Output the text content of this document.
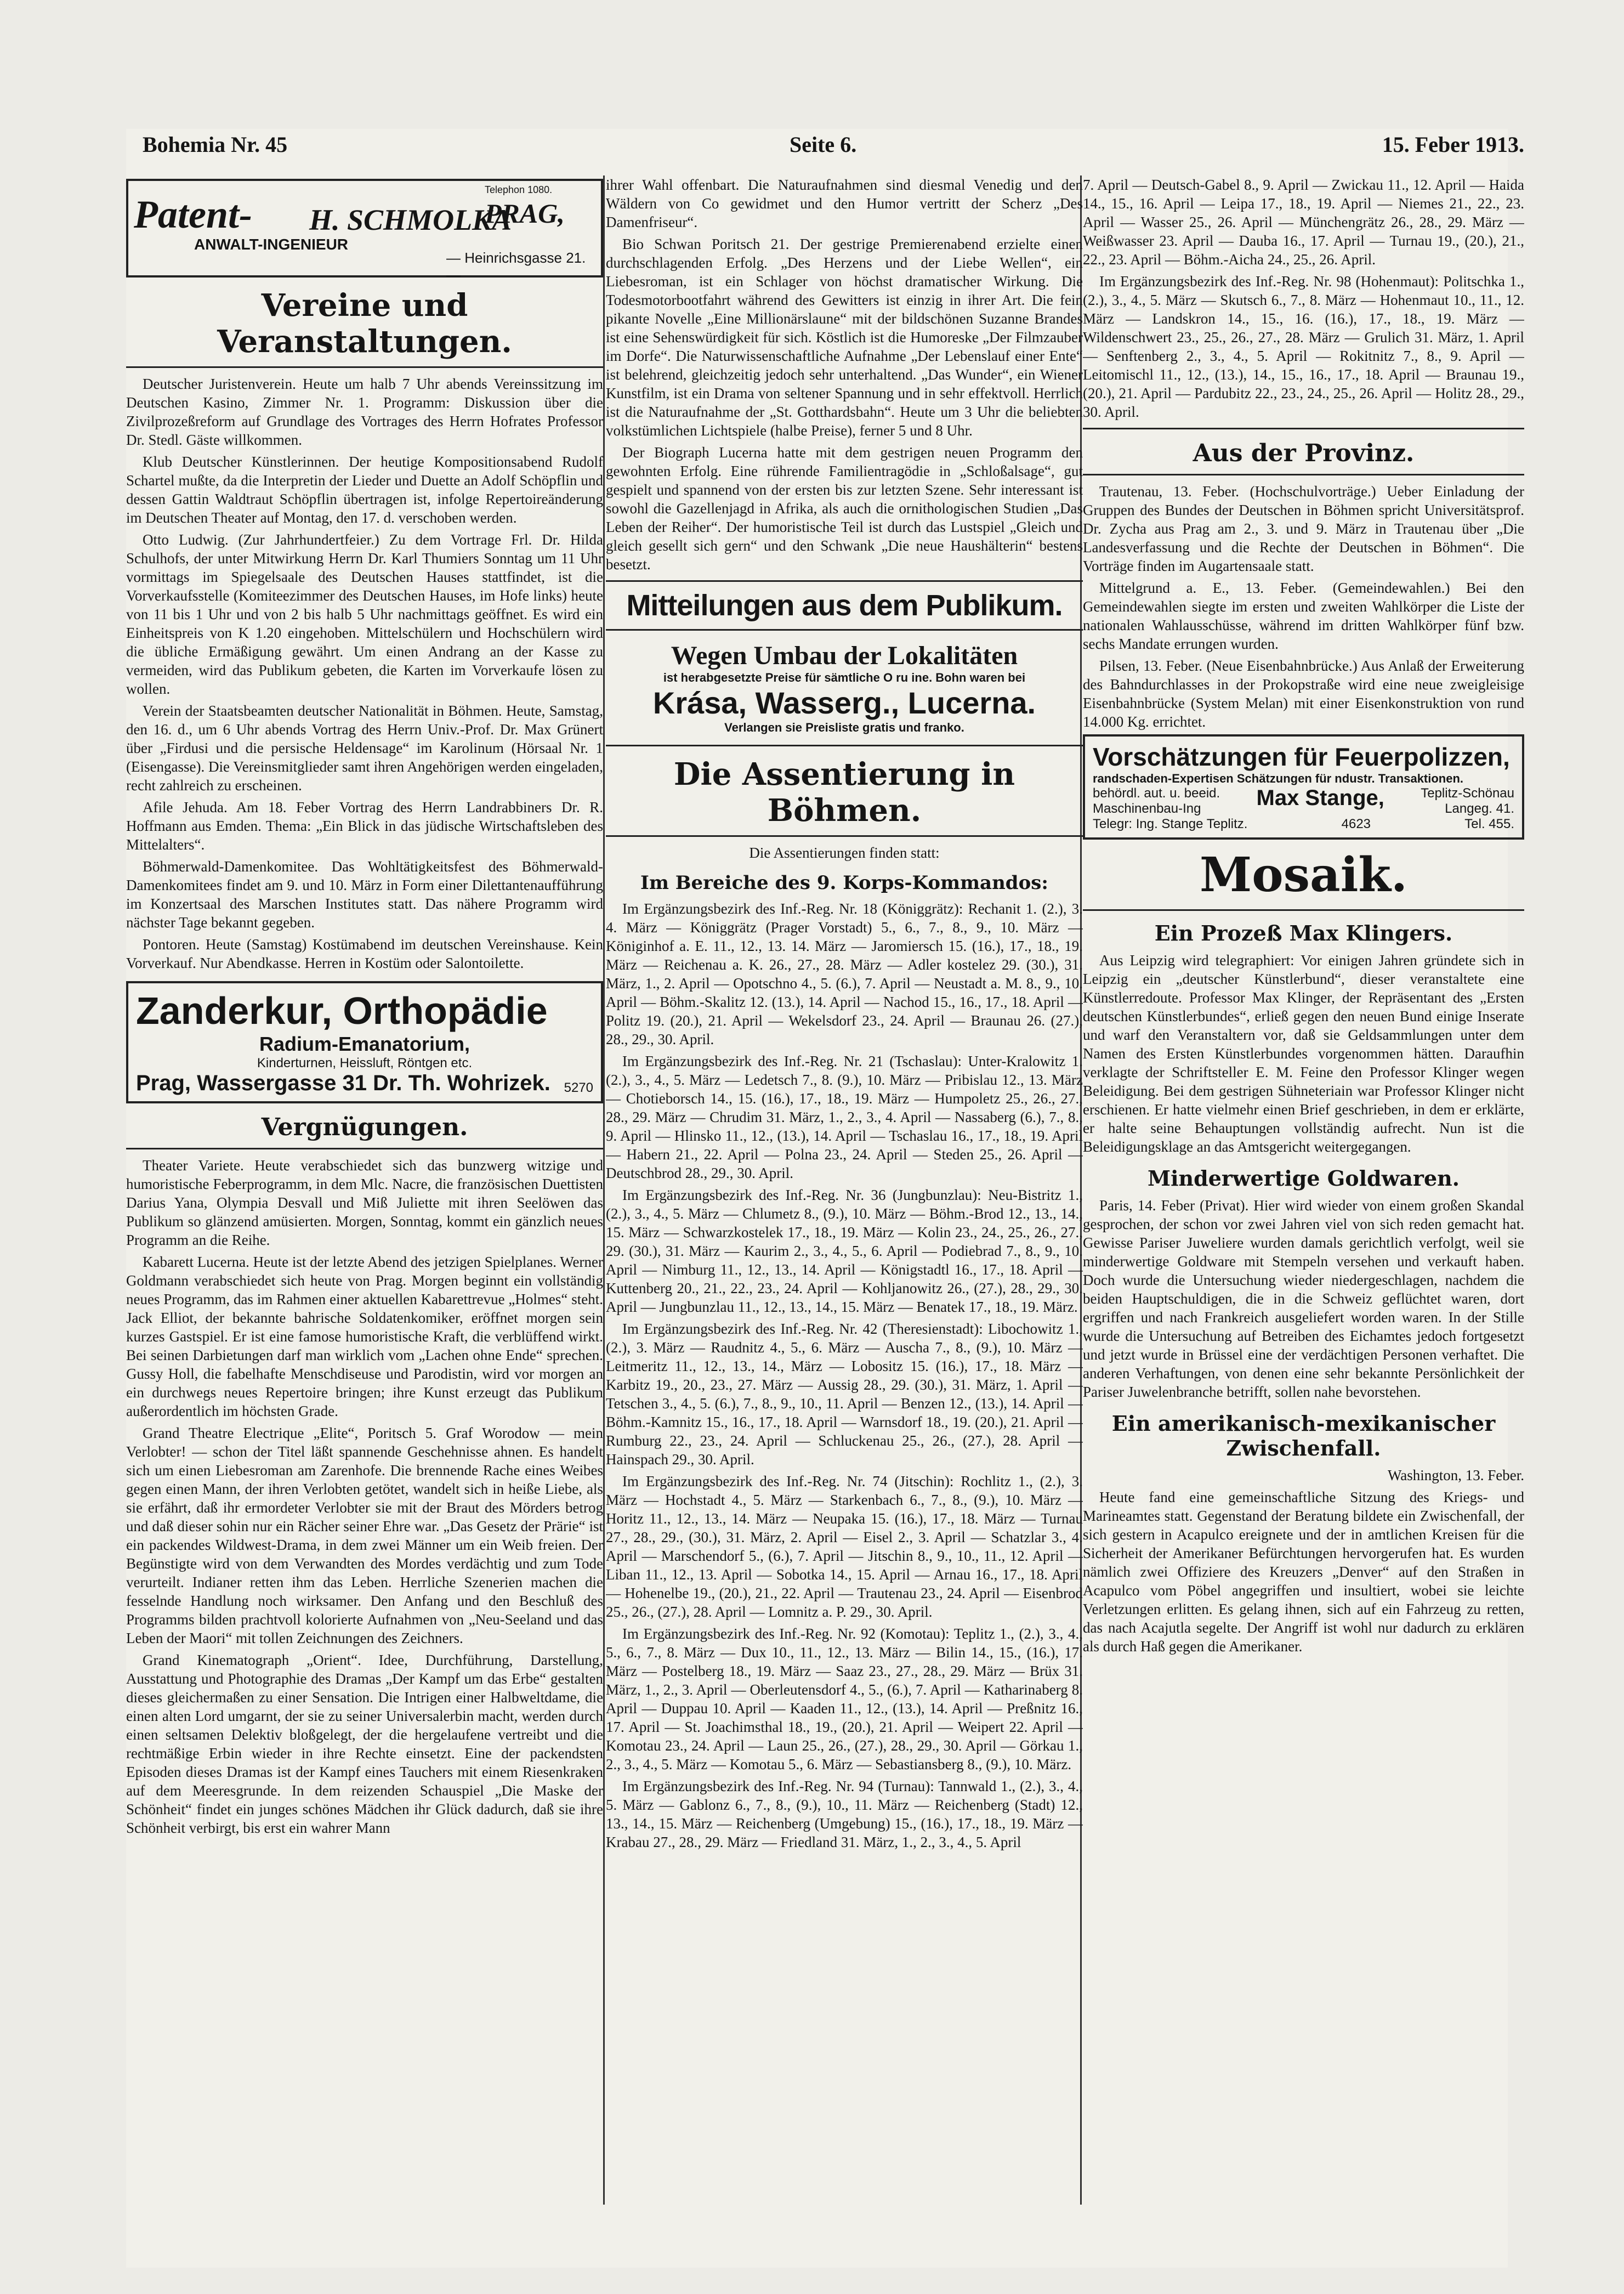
Bohemia Nr. 45	Seite 6.	15. Feber 1913.
Patent-
ANWALT-INGENIEUR
H. SCHMOLKA
PRAG,
Telephon 1080.
— Heinrichsgasse 21. —
Vereine und Veranstaltungen.

Deutscher Juristenverein. Heute um halb 7 Uhr abends Vereinssitzung im Deutschen Kasino, Zimmer Nr. 1. Programm: Diskussion über die Zivilprozeßreform auf Grundlage des Vortrages des Herrn Hofrates Professor Dr. Stedl. Gäste willkommen.

Klub Deutscher Künstlerinnen. Der heutige Kompositionsabend Rudolf Schartel mußte, da die Interpretin der Lieder und Duette an Adolf Schöpflin und dessen Gattin Waldtraut Schöpflin übertragen ist, infolge Repertoireänderung im Deutschen Theater auf Montag, den 17. d. verschoben werden.

Otto Ludwig. (Zur Jahrhundertfeier.) Zu dem Vortrage Frl. Dr. Hilda Schulhofs, der unter Mitwirkung Herrn Dr. Karl Thumiers Sonntag um 11 Uhr vormittags im Spiegelsaale des Deutschen Hauses stattfindet, ist die Vorverkaufsstelle (Komiteezimmer des Deutschen Hauses, im Hofe links) heute von 11 bis 1 Uhr und von 2 bis halb 5 Uhr nachmittags geöffnet. Es wird ein Einheitspreis von K 1.20 eingehoben. Mittelschülern und Hochschülern wird die übliche Ermäßigung gewährt. Um einen Andrang an der Kasse zu vermeiden, wird das Publikum gebeten, die Karten im Vorverkaufe lösen zu wollen.

Verein der Staatsbeamten deutscher Nationalität in Böhmen. Heute, Samstag, den 16. d., um 6 Uhr abends Vortrag des Herrn Univ.-Prof. Dr. Max Grünert über „Firdusi und die persische Heldensage“ im Karolinum (Hörsaal Nr. 1 (Eisengasse). Die Vereinsmitglieder samt ihren Angehörigen werden eingeladen, recht zahlreich zu erscheinen.

Afile Jehuda. Am 18. Feber Vortrag des Herrn Landrabbiners Dr. R. Hoffmann aus Emden. Thema: „Ein Blick in das jüdische Wirtschaftsleben des Mittelalters“.

Böhmerwald-Damenkomitee. Das Wohltätigkeitsfest des Böhmerwald-Damenkomitees findet am 9. und 10. März in Form einer Dilettantenaufführung im Konzertsaal des Marschen Institutes statt. Das nähere Programm wird nächster Tage bekannt gegeben.

Pontoren. Heute (Samstag) Kostümabend im deutschen Vereinshause. Kein Vorverkauf. Nur Abendkasse. Herren in Kostüm oder Salontoilette.

Zanderkur, Orthopädie
Radium-Emanatorium,
Kinderturnen, Heissluft, Röntgen etc.
Prag, Wassergasse 31 Dr. Th. Wohrizek. 5270
Vergnügungen.

Theater Variete. Heute verabschiedet sich das bunzwerg witzige und humoristische Feberprogramm, in dem Mlc. Nacre, die französischen Duettisten Darius Yana, Olympia Desvall und Miß Juliette mit ihren Seelöwen das Publikum so glänzend amüsierten. Morgen, Sonntag, kommt ein gänzlich neues Programm an die Reihe.

Kabarett Lucerna. Heute ist der letzte Abend des jetzigen Spielplanes. Werner Goldmann verabschiedet sich heute von Prag. Morgen beginnt ein vollständig neues Programm, das im Rahmen einer aktuellen Kabarettrevue „Holmes“ steht. Jack Elliot, der bekannte bahrische Soldatenkomiker, eröffnet morgen sein kurzes Gastspiel. Er ist eine famose humoristische Kraft, die verblüffend wirkt. Bei seinen Darbietungen darf man wirklich vom „Lachen ohne Ende“ sprechen. Gussy Holl, die fabelhafte Menschdiseuse und Parodistin, wird vor morgen an ein durchwegs neues Repertoire bringen; ihre Kunst erzeugt das Publikum außerordentlich im höchsten Grade.

Grand Theatre Electrique „Elite“, Poritsch 5. Graf Worodow — mein Verlobter! — schon der Titel läßt spannende Geschehnisse ahnen. Es handelt sich um einen Liebesroman am Zarenhofe. Die brennende Rache eines Weibes gegen einen Mann, der ihren Verlobten getötet, wandelt sich in heiße Liebe, als sie erfährt, daß ihr ermordeter Verlobter sie mit der Braut des Mörders betrog und daß dieser sohin nur ein Rächer seiner Ehre war. „Das Gesetz der Prärie“ ist ein packendes Wildwest-Drama, in dem zwei Männer um ein Weib freien. Der Begünstigte wird von dem Verwandten des Mordes verdächtig und zum Tode verurteilt. Indianer retten ihm das Leben. Herrliche Szenerien machen die fesselnde Handlung noch wirksamer. Den Anfang und den Beschluß des Programms bilden prachtvoll kolorierte Aufnahmen von „Neu-Seeland und das Leben der Maori“ mit tollen Zeichnungen des Zeichners.

Grand Kinematograph „Orient“. Idee, Durchführung, Darstellung, Ausstattung und Photographie des Dramas „Der Kampf um das Erbe“ gestalten dieses gleichermaßen zu einer Sensation. Die Intrigen einer Halbweltdame, die einen alten Lord umgarnt, der sie zu seiner Universalerbin macht, werden durch einen seltsamen Delektiv bloßgelegt, der die hergelaufene vertreibt und die rechtmäßige Erbin wieder in ihre Rechte einsetzt. Eine der packendsten Episoden dieses Dramas ist der Kampf eines Tauchers mit einem Riesenkraken auf dem Meeresgrunde. In dem reizenden Schauspiel „Die Maske der Schönheit“ findet ein junges schönes Mädchen ihr Glück dadurch, daß sie ihre Schönheit verbirgt, bis erst ein wahrer Mann

ihrer Wahl offenbart. Die Naturaufnahmen sind diesmal Venedig und den Wäldern von Co gewidmet und den Humor vertritt der Scherz „Des Damenfriseur“.

Bio Schwan Poritsch 21. Der gestrige Premierenabend erzielte einen durchschlagenden Erfolg. „Des Herzens und der Liebe Wellen“, ein Liebesroman, ist ein Schlager von höchst dramatischer Wirkung. Die Todesmotorbootfahrt während des Gewitters ist einzig in ihrer Art. Die fein pikante Novelle „Eine Millionärslaune“ mit der bildschönen Suzanne Brandes ist eine Sehenswürdigkeit für sich. Köstlich ist die Humoreske „Der Filmzauber im Dorfe“. Die Naturwissenschaftliche Aufnahme „Der Lebenslauf einer Ente“ ist belehrend, gleichzeitig jedoch sehr unterhaltend. „Das Wunder“, ein Wiener Kunstfilm, ist ein Drama von seltener Spannung und in sehr effektvoll. Herrlich ist die Naturaufnahme der „St. Gotthardsbahn“. Heute um 3 Uhr die beliebten volkstümlichen Lichtspiele (halbe Preise), ferner 5 und 8 Uhr.

Der Biograph Lucerna hatte mit dem gestrigen neuen Programm den gewohnten Erfolg. Eine rührende Familientragödie in „Schloßalsage“, gut gespielt und spannend von der ersten bis zur letzten Szene. Sehr interessant ist sowohl die Gazellenjagd in Afrika, als auch die ornithologischen Studien „Das Leben der Reiher“. Der humoristische Teil ist durch das Lustspiel „Gleich und gleich gesellt sich gern“ und den Schwank „Die neue Haushälterin“ bestens besetzt.

Mitteilungen aus dem Publikum.
Wegen Umbau der Lokalitäten
ist herabgesetzte Preise für sämtliche O ru ine. Bohn waren bei
Krása, Wasserg., Lucerna.
Verlangen sie Preisliste gratis und franko.
Die Assentierung in Böhmen.

Die Assentierungen finden statt:

Im Bereiche des 9. Korps-Kommandos:

Im Ergänzungsbezirk des Inf.-Reg. Nr. 18 (Königgrätz): Rechanit 1. (2.), 3. 4. März — Königgrätz (Prager Vorstadt) 5., 6., 7., 8., 9., 10. März — Königinhof a. E. 11., 12., 13. 14. März — Jaromiersch 15. (16.), 17., 18., 19. März — Reichenau a. K. 26., 27., 28. März — Adler kostelez 29. (30.), 31. März, 1., 2. April — Opotschno 4., 5. (6.), 7. April — Neustadt a. M. 8., 9., 10. April — Böhm.-Skalitz 12. (13.), 14. April — Nachod 15., 16., 17., 18. April — Politz 19. (20.), 21. April — Wekelsdorf 23., 24. April — Braunau 26. (27.), 28., 29., 30. April.

Im Ergänzungsbezirk des Inf.-Reg. Nr. 21 (Tschaslau): Unter-Kralowitz 1. (2.), 3., 4., 5. März — Ledetsch 7., 8. (9.), 10. März — Pribislau 12., 13. März — Chotieborsch 14., 15. (16.), 17., 18., 19. März — Humpoletz 25., 26., 27., 28., 29. März — Chrudim 31. März, 1., 2., 3., 4. April — Nassaberg (6.), 7., 8., 9. April — Hlinsko 11., 12., (13.), 14. April — Tschaslau 16., 17., 18., 19. April — Habern 21., 22. April — Polna 23., 24. April — Steden 25., 26. April — Deutschbrod 28., 29., 30. April.

Im Ergänzungsbezirk des Inf.-Reg. Nr. 36 (Jungbunzlau): Neu-Bistritz 1., (2.), 3., 4., 5. März — Chlumetz 8., (9.), 10. März — Böhm.-Brod 12., 13., 14., 15. März — Schwarzkostelek 17., 18., 19. März — Kolin 23., 24., 25., 26., 27., 29. (30.), 31. März — Kaurim 2., 3., 4., 5., 6. April — Podiebrad 7., 8., 9., 10. April — Nimburg 11., 12., 13., 14. April — Königstadtl 16., 17., 18. April — Kuttenberg 20., 21., 22., 23., 24. April — Kohljanowitz 26., (27.), 28., 29., 30. April — Jungbunzlau 11., 12., 13., 14., 15. März — Benatek 17., 18., 19. März.

Im Ergänzungsbezirk des Inf.-Reg. Nr. 42 (Theresienstadt): Libochowitz 1., (2.), 3. März — Raudnitz 4., 5., 6. März — Auscha 7., 8., (9.), 10. März — Leitmeritz 11., 12., 13., 14., März — Lobositz 15. (16.), 17., 18. März — Karbitz 19., 20., 23., 27. März — Aussig 28., 29. (30.), 31. März, 1. April — Tetschen 3., 4., 5. (6.), 7., 8., 9., 10., 11. April — Benzen 12., (13.), 14. April — Böhm.-Kamnitz 15., 16., 17., 18. April — Warnsdorf 18., 19. (20.), 21. April — Rumburg 22., 23., 24. April — Schluckenau 25., 26., (27.), 28. April — Hainspach 29., 30. April.

Im Ergänzungsbezirk des Inf.-Reg. Nr. 74 (Jitschin): Rochlitz 1., (2.), 3. März — Hochstadt 4., 5. März — Starkenbach 6., 7., 8., (9.), 10. März — Horitz 11., 12., 13., 14. März — Neupaka 15. (16.), 17., 18. März — Turnau 27., 28., 29., (30.), 31. März, 2. April — Eisel 2., 3. April — Schatzlar 3., 4. April — Marschendorf 5., (6.), 7. April — Jitschin 8., 9., 10., 11., 12. April — Liban 11., 12., 13. April — Sobotka 14., 15. April — Arnau 16., 17., 18. April — Hohenelbe 19., (20.), 21., 22. April — Trautenau 23., 24. April — Eisenbrod 25., 26., (27.), 28. April — Lomnitz a. P. 29., 30. April.

Im Ergänzungsbezirk des Inf.-Reg. Nr. 92 (Komotau): Teplitz 1., (2.), 3., 4., 5., 6., 7., 8. März — Dux 10., 11., 12., 13. März — Bilin 14., 15., (16.), 17. März — Postelberg 18., 19. März — Saaz 23., 27., 28., 29. März — Brüx 31. März, 1., 2., 3. April — Oberleutensdorf 4., 5., (6.), 7. April — Katharinaberg 8. April — Duppau 10. April — Kaaden 11., 12., (13.), 14. April — Preßnitz 16., 17. April — St. Joachimsthal 18., 19., (20.), 21. April — Weipert 22. April — Komotau 23., 24. April — Laun 25., 26., (27.), 28., 29., 30. April — Görkau 1., 2., 3., 4., 5. März — Komotau 5., 6. März — Sebastiansberg 8., (9.), 10. März.

Im Ergänzungsbezirk des Inf.-Reg. Nr. 94 (Turnau): Tannwald 1., (2.), 3., 4., 5. März — Gablonz 6., 7., 8., (9.), 10., 11. März — Reichenberg (Stadt) 12., 13., 14., 15. März — Reichenberg (Umgebung) 15., (16.), 17., 18., 19. März — Krabau 27., 28., 29. März — Friedland 31. März, 1., 2., 3., 4., 5. April

7. April — Deutsch-Gabel 8., 9. April — Zwickau 11., 12. April — Haida 14., 15., 16. April — Leipa 17., 18., 19. April — Niemes 21., 22., 23. April — Wasser 25., 26. April — Münchengrätz 26., 28., 29. März — Weißwasser 23. April — Dauba 16., 17. April — Turnau 19., (20.), 21., 22., 23. April — Böhm.-Aicha 24., 25., 26. April.

Im Ergänzungsbezirk des Inf.-Reg. Nr. 98 (Hohenmaut): Politschka 1., (2.), 3., 4., 5. März — Skutsch 6., 7., 8. März — Hohenmaut 10., 11., 12. März — Landskron 14., 15., 16. (16.), 17., 18., 19. März — Wildenschwert 23., 25., 26., 27., 28. März — Grulich 31. März, 1. April — Senftenberg 2., 3., 4., 5. April — Rokitnitz 7., 8., 9. April — Leitomischl 11., 12., (13.), 14., 15., 16., 17., 18. April — Braunau 19., (20.), 21. April — Pardubitz 22., 23., 24., 25., 26. April — Holitz 28., 29., 30. April.

Aus der Provinz.

Trautenau, 13. Feber. (Hochschulvorträge.) Ueber Einladung der Gruppen des Bundes der Deutschen in Böhmen spricht Universitätsprof. Dr. Zycha aus Prag am 2., 3. und 9. März in Trautenau über „Die Landesverfassung und die Rechte der Deutschen in Böhmen“. Die Vorträge finden im Augartensaale statt.

Mittelgrund a. E., 13. Feber. (Gemeindewahlen.) Bei den Gemeindewahlen siegte im ersten und zweiten Wahlkörper die Liste der nationalen Wahlausschüsse, während im dritten Wahlkörper fünf bzw. sechs Mandate errungen wurden.

Pilsen, 13. Feber. (Neue Eisenbahnbrücke.) Aus Anlaß der Erweiterung des Bahndurchlasses in der Prokopstraße wird eine neue zweigleisige Eisenbahnbrücke (System Melan) mit einer Eisenkonstruktion von rund 14.000 Kg. errichtet.

Vorschätzungen für Feuerpolizzen,
randschaden-Expertisen Schätzungen für ndustr. Transaktionen.
behördl. aut. u. beeid.
Maschinenbau-Ing	Max Stange,	Teplitz-Schönau
Langeg. 41.
Telegr: Ing. Stange Teplitz.	4623	Tel. 455.
Mosaik.
Ein Prozeß Max Klingers.

Aus Leipzig wird telegraphiert: Vor einigen Jahren gründete sich in Leipzig ein „deutscher Künstlerbund“, dieser veranstaltete eine Künstlerredoute. Professor Max Klinger, der Repräsentant des „Ersten deutschen Künstlerbundes“, erließ gegen den neuen Bund einige Inserate und warf den Veranstaltern vor, daß sie Geldsammlungen unter dem Namen des Ersten Künstlerbundes vorgenommen hätten. Daraufhin verklagte der Schriftsteller E. M. Feine den Professor Klinger wegen Beleidigung. Bei dem gestrigen Sühneteriain war Professor Klinger nicht erschienen. Er hatte vielmehr einen Brief geschrieben, in dem er erklärte, er halte seine Behauptungen vollständig aufrecht. Nun ist die Beleidigungsklage an das Amtsgericht weitergegangen.

Minderwertige Goldwaren.

Paris, 14. Feber (Privat). Hier wird wieder von einem großen Skandal gesprochen, der schon vor zwei Jahren viel von sich reden gemacht hat. Gewisse Pariser Juweliere wurden damals gerichtlich verfolgt, weil sie minderwertige Goldware mit Stempeln versehen und verkauft haben. Doch wurde die Untersuchung wieder niedergeschlagen, nachdem die beiden Hauptschuldigen, die in die Schweiz geflüchtet waren, dort ergriffen und nach Frankreich ausgeliefert worden waren. In der Stille wurde die Untersuchung auf Betreiben des Eichamtes jedoch fortgesetzt und jetzt wurde in Brüssel eine der verdächtigen Personen verhaftet. Die anderen Verhaftungen, von denen eine sehr bekannte Persönlichkeit der Pariser Juwelenbranche betrifft, sollen nahe bevorstehen.

Ein amerikanisch-mexikanischer Zwischenfall.

Washington, 13. Feber.

Heute fand eine gemeinschaftliche Sitzung des Kriegs- und Marineamtes statt. Gegenstand der Beratung bildete ein Zwischenfall, der sich gestern in Acapulco ereignete und der in amtlichen Kreisen für die Sicherheit der Amerikaner Befürchtungen hervorgerufen hat. Es wurden nämlich zwei Offiziere des Kreuzers „Denver“ auf den Straßen in Acapulco vom Pöbel angegriffen und insultiert, wobei sie leichte Verletzungen erlitten. Es gelang ihnen, sich auf ein Fahrzeug zu retten, das nach Acajutla segelte. Der Angriff ist wohl nur dadurch zu erklären als durch Haß gegen die Amerikaner.
